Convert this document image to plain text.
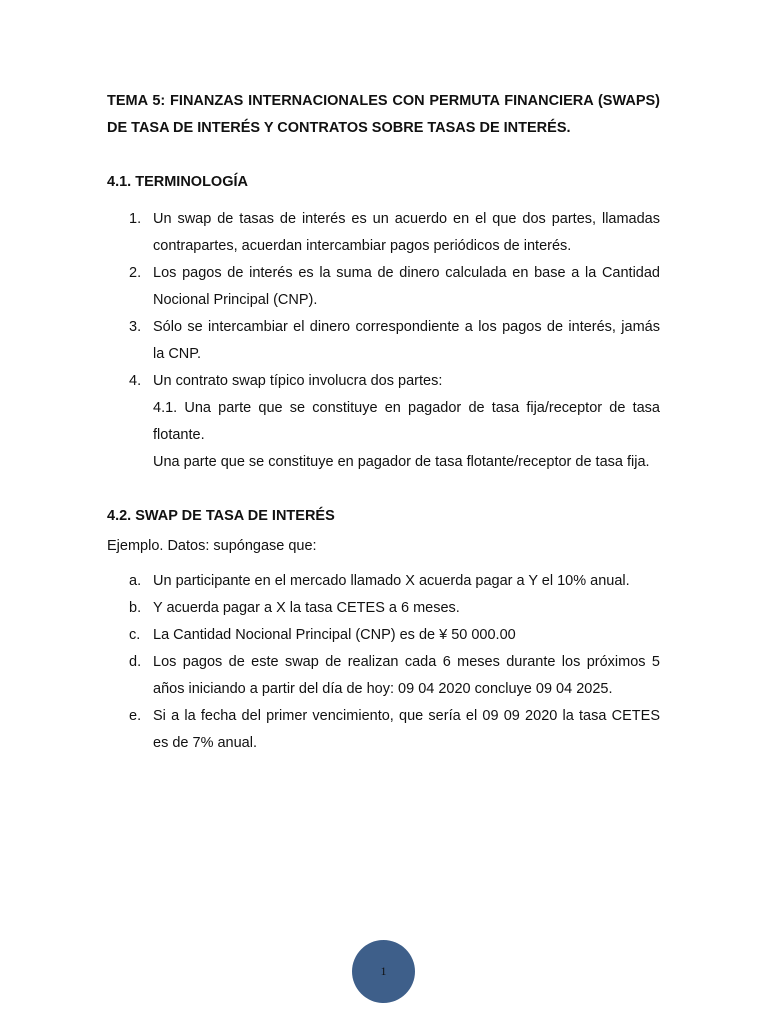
TEMA 5: FINANZAS INTERNACIONALES CON PERMUTA FINANCIERA (SWAPS) DE TASA DE INTERÉS Y CONTRATOS SOBRE TASAS DE INTERÉS.

4.1. TERMINOLOGÍA

1. Un swap de tasas de interés es un acuerdo en el que dos partes, llamadas contrapartes, acuerdan intercambiar pagos periódicos de interés.
2. Los pagos de interés es la suma de dinero calculada en base a la Cantidad Nocional Principal (CNP).
3. Sólo se intercambiar el dinero correspondiente a los pagos de interés, jamás la CNP.
4. Un contrato swap típico involucra dos partes:
4.1. Una parte que se constituye en pagador de tasa fija/receptor de tasa flotante.
Una parte que se constituye en pagador de tasa flotante/receptor de tasa fija.

4.2. SWAP DE TASA DE INTERÉS

Ejemplo. Datos: supóngase que:

a. Un participante en el mercado llamado X acuerda pagar a Y el 10% anual.
b. Y acuerda pagar a X la tasa CETES a 6 meses.
c. La Cantidad Nocional Principal (CNP) es de ¥ 50 000.00
d. Los pagos de este swap de realizan cada 6 meses durante los próximos 5 años iniciando a partir del día de hoy: 09 04 2020 concluye 09 04 2025.
e. Si a la fecha del primer vencimiento, que sería el 09 09 2020 la tasa CETES es de 7% anual.
1
